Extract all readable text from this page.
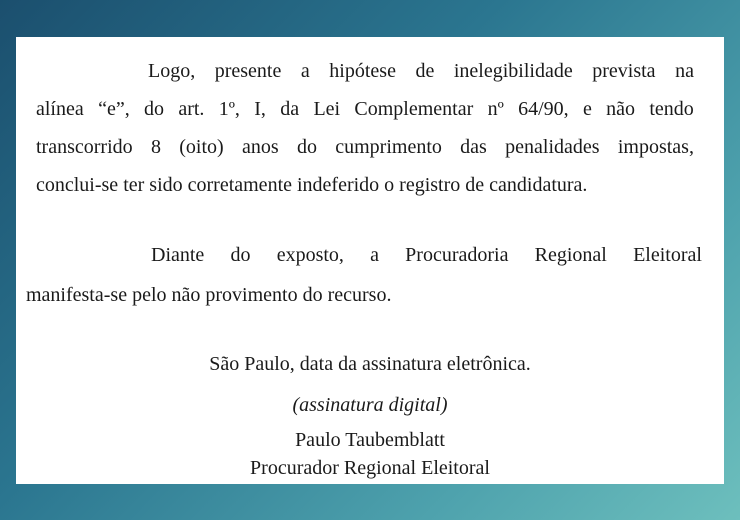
Logo, presente a hipótese de inelegibilidade prevista na
alínea “e”, do art. 1º, I, da Lei Complementar nº 64/90, e não tendo
transcorrido 8 (oito) anos do cumprimento das penalidades impostas,
conclui-se ter sido corretamente indeferido o registro de candidatura.
Diante do exposto, a Procuradoria Regional Eleitoral
manifesta-se pelo não provimento do recurso.
São Paulo, data da assinatura eletrônica.
(assinatura digital)
Paulo Taubemblatt
Procurador Regional Eleitoral
